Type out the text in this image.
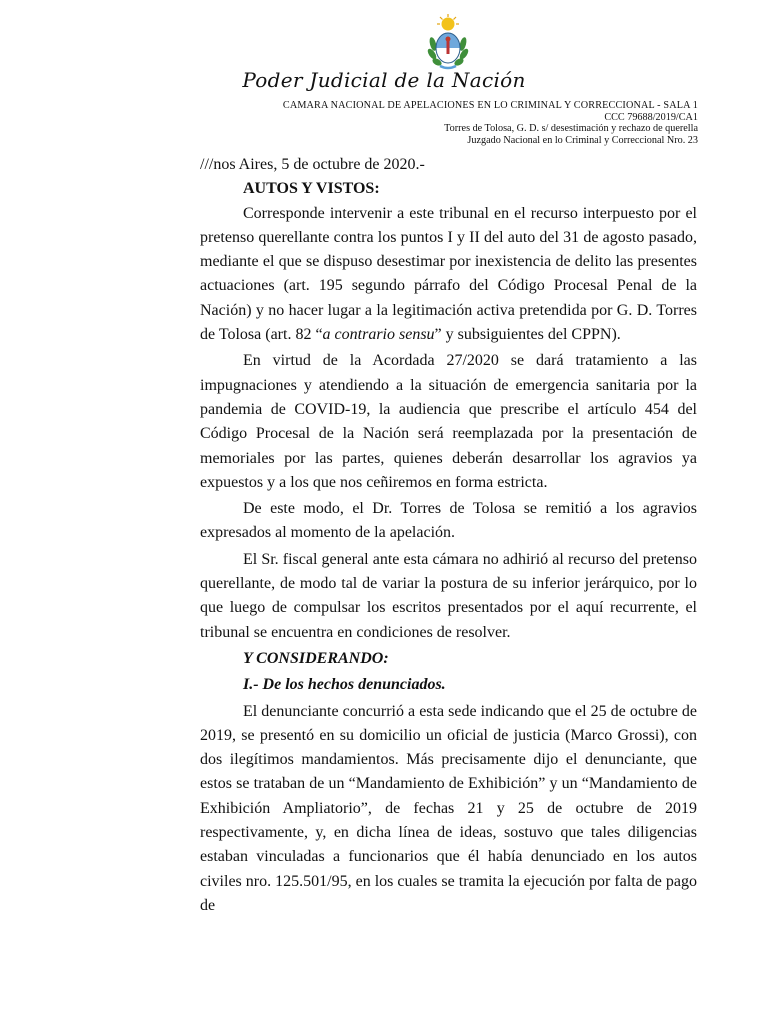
Poder Judicial de la Nación
CAMARA NACIONAL DE APELACIONES EN LO CRIMINAL Y CORRECCIONAL - SALA 1
CCC 79688/2019/CA1
Torres de Tolosa, G. D. s/ desestimación y rechazo de querella
Juzgado Nacional en lo Criminal y Correccional Nro. 23

///nos Aires, 5 de octubre de 2020.-

AUTOS Y VISTOS:

Corresponde intervenir a este tribunal en el recurso interpuesto por el pretenso querellante contra los puntos I y II del auto del 31 de agosto pasado, mediante el que se dispuso desestimar por inexistencia de delito las presentes actuaciones (art. 195 segundo párrafo del Código Procesal Penal de la Nación) y no hacer lugar a la legitimación activa pretendida por G. D. Torres de Tolosa (art. 82 “a contrario sensu” y subsiguientes del CPPN).

En virtud de la Acordada 27/2020 se dará tratamiento a las impugnaciones y atendiendo a la situación de emergencia sanitaria por la pandemia de COVID-19, la audiencia que prescribe el artículo 454 del Código Procesal de la Nación será reemplazada por la presentación de memoriales por las partes, quienes deberán desarrollar los agravios ya expuestos y a los que nos ceñiremos en forma estricta.

De este modo, el Dr. Torres de Tolosa se remitió a los agravios expresados al momento de la apelación.

El Sr. fiscal general ante esta cámara no adhirió al recurso del pretenso querellante, de modo tal de variar la postura de su inferior jerárquico, por lo que luego de compulsar los escritos presentados por el aquí recurrente, el tribunal se encuentra en condiciones de resolver.

Y CONSIDERANDO:

I.- De los hechos denunciados.

El denunciante concurrió a esta sede indicando que el 25 de octubre de 2019, se presentó en su domicilio un oficial de justicia (Marco Grossi), con dos ilegítimos mandamientos. Más precisamente dijo el denunciante, que estos se trataban de un “Mandamiento de Exhibición” y un “Mandamiento de Exhibición Ampliatorio”, de fechas 21 y 25 de octubre de 2019 respectivamente, y, en dicha línea de ideas, sostuvo que tales diligencias estaban vinculadas a funcionarios que él había denunciado en los autos civiles nro. 125.501/95, en los cuales se tramita la ejecución por falta de pago de
